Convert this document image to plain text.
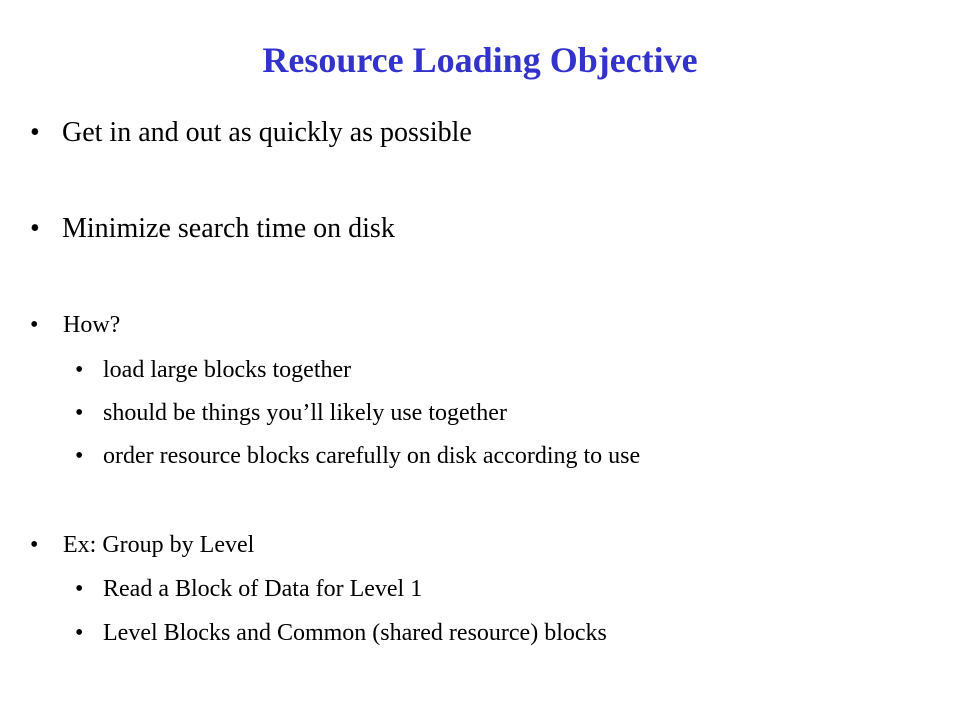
Resource Loading Objective
• Get in and out as quickly as possible
• Minimize search time on disk
• How?
• load large blocks together
• should be things you’ll likely use together
• order resource blocks carefully on disk according to use
• Ex: Group by Level
• Read a Block of Data for Level 1
• Level Blocks and Common (shared resource) blocks
